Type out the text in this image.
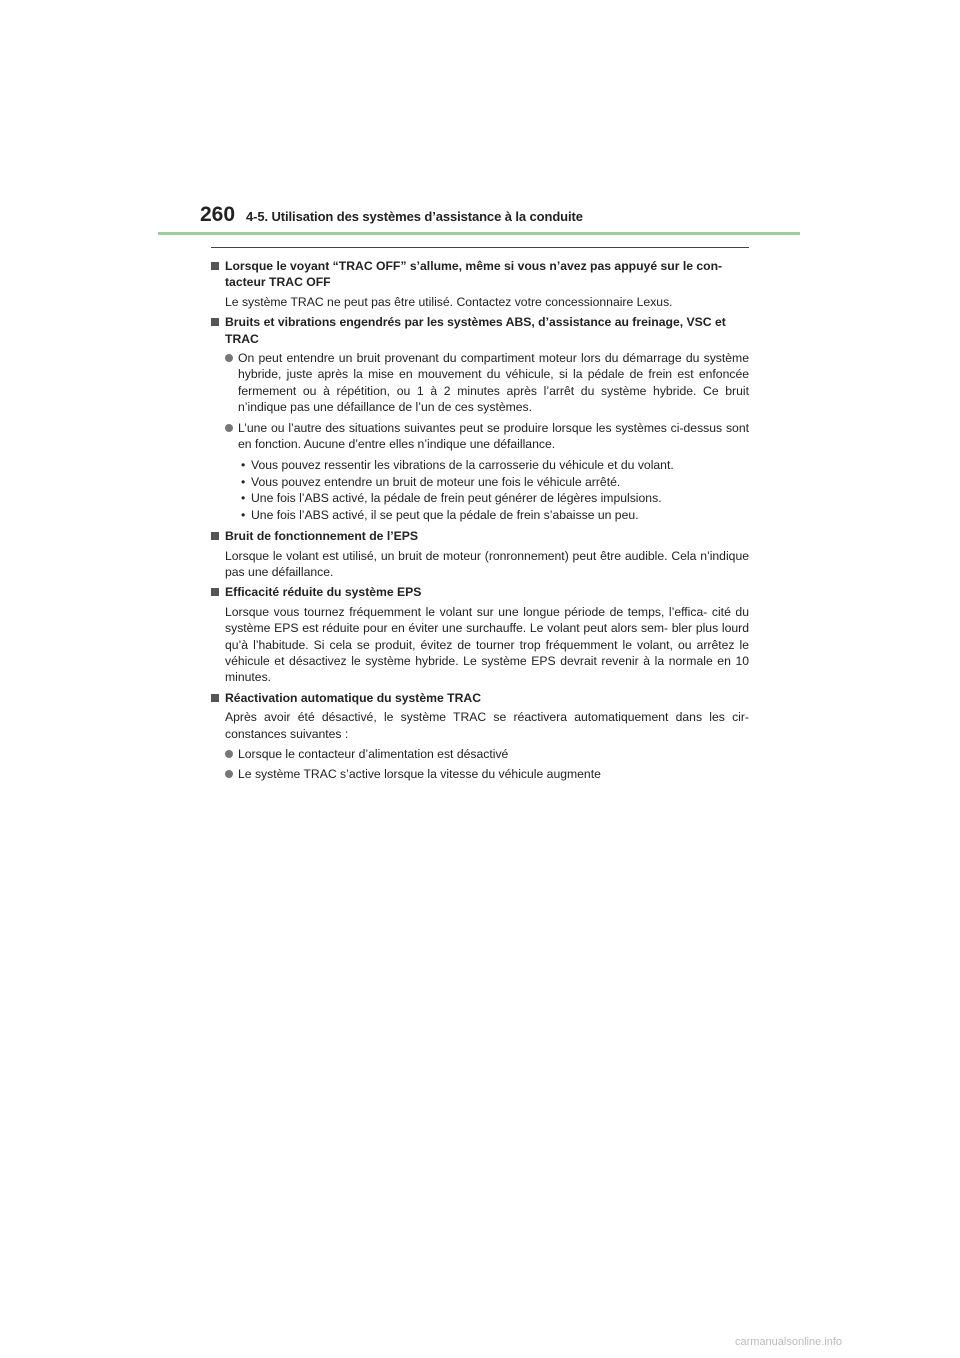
260 4-5. Utilisation des systèmes d’assistance à la conduite
Lorsque le voyant “TRAC OFF” s’allume, même si vous n’avez pas appuyé sur le con- tacteur TRAC OFF
Le système TRAC ne peut pas être utilisé. Contactez votre concessionnaire Lexus.
Bruits et vibrations engendrés par les systèmes ABS, d’assistance au freinage, VSC et TRAC
On peut entendre un bruit provenant du compartiment moteur lors du démarrage du système hybride, juste après la mise en mouvement du véhicule, si la pédale de frein est enfoncée fermement ou à répétition, ou 1 à 2 minutes après l’arrêt du système hybride. Ce bruit n’indique pas une défaillance de l’un de ces systèmes.
L’une ou l’autre des situations suivantes peut se produire lorsque les systèmes ci-dessus sont en fonction. Aucune d’entre elles n’indique une défaillance.
• Vous pouvez ressentir les vibrations de la carrosserie du véhicule et du volant.
• Vous pouvez entendre un bruit de moteur une fois le véhicule arrêté.
• Une fois l’ABS activé, la pédale de frein peut générer de légères impulsions.
• Une fois l’ABS activé, il se peut que la pédale de frein s’abaisse un peu.
Bruit de fonctionnement de l’EPS
Lorsque le volant est utilisé, un bruit de moteur (ronronnement) peut être audible. Cela n’indique pas une défaillance.
Efficacité réduite du système EPS
Lorsque vous tournez fréquemment le volant sur une longue période de temps, l’effica- cité du système EPS est réduite pour en éviter une surchauffe. Le volant peut alors sem- bler plus lourd qu’à l’habitude. Si cela se produit, évitez de tourner trop fréquemment le volant, ou arrêtez le véhicule et désactivez le système hybride. Le système EPS devrait revenir à la normale en 10 minutes.
Réactivation automatique du système TRAC
Après avoir été désactivé, le système TRAC se réactivera automatiquement dans les cir- constances suivantes :
Lorsque le contacteur d’alimentation est désactivé
Le système TRAC s’active lorsque la vitesse du véhicule augmente
carmanualsonline.info
